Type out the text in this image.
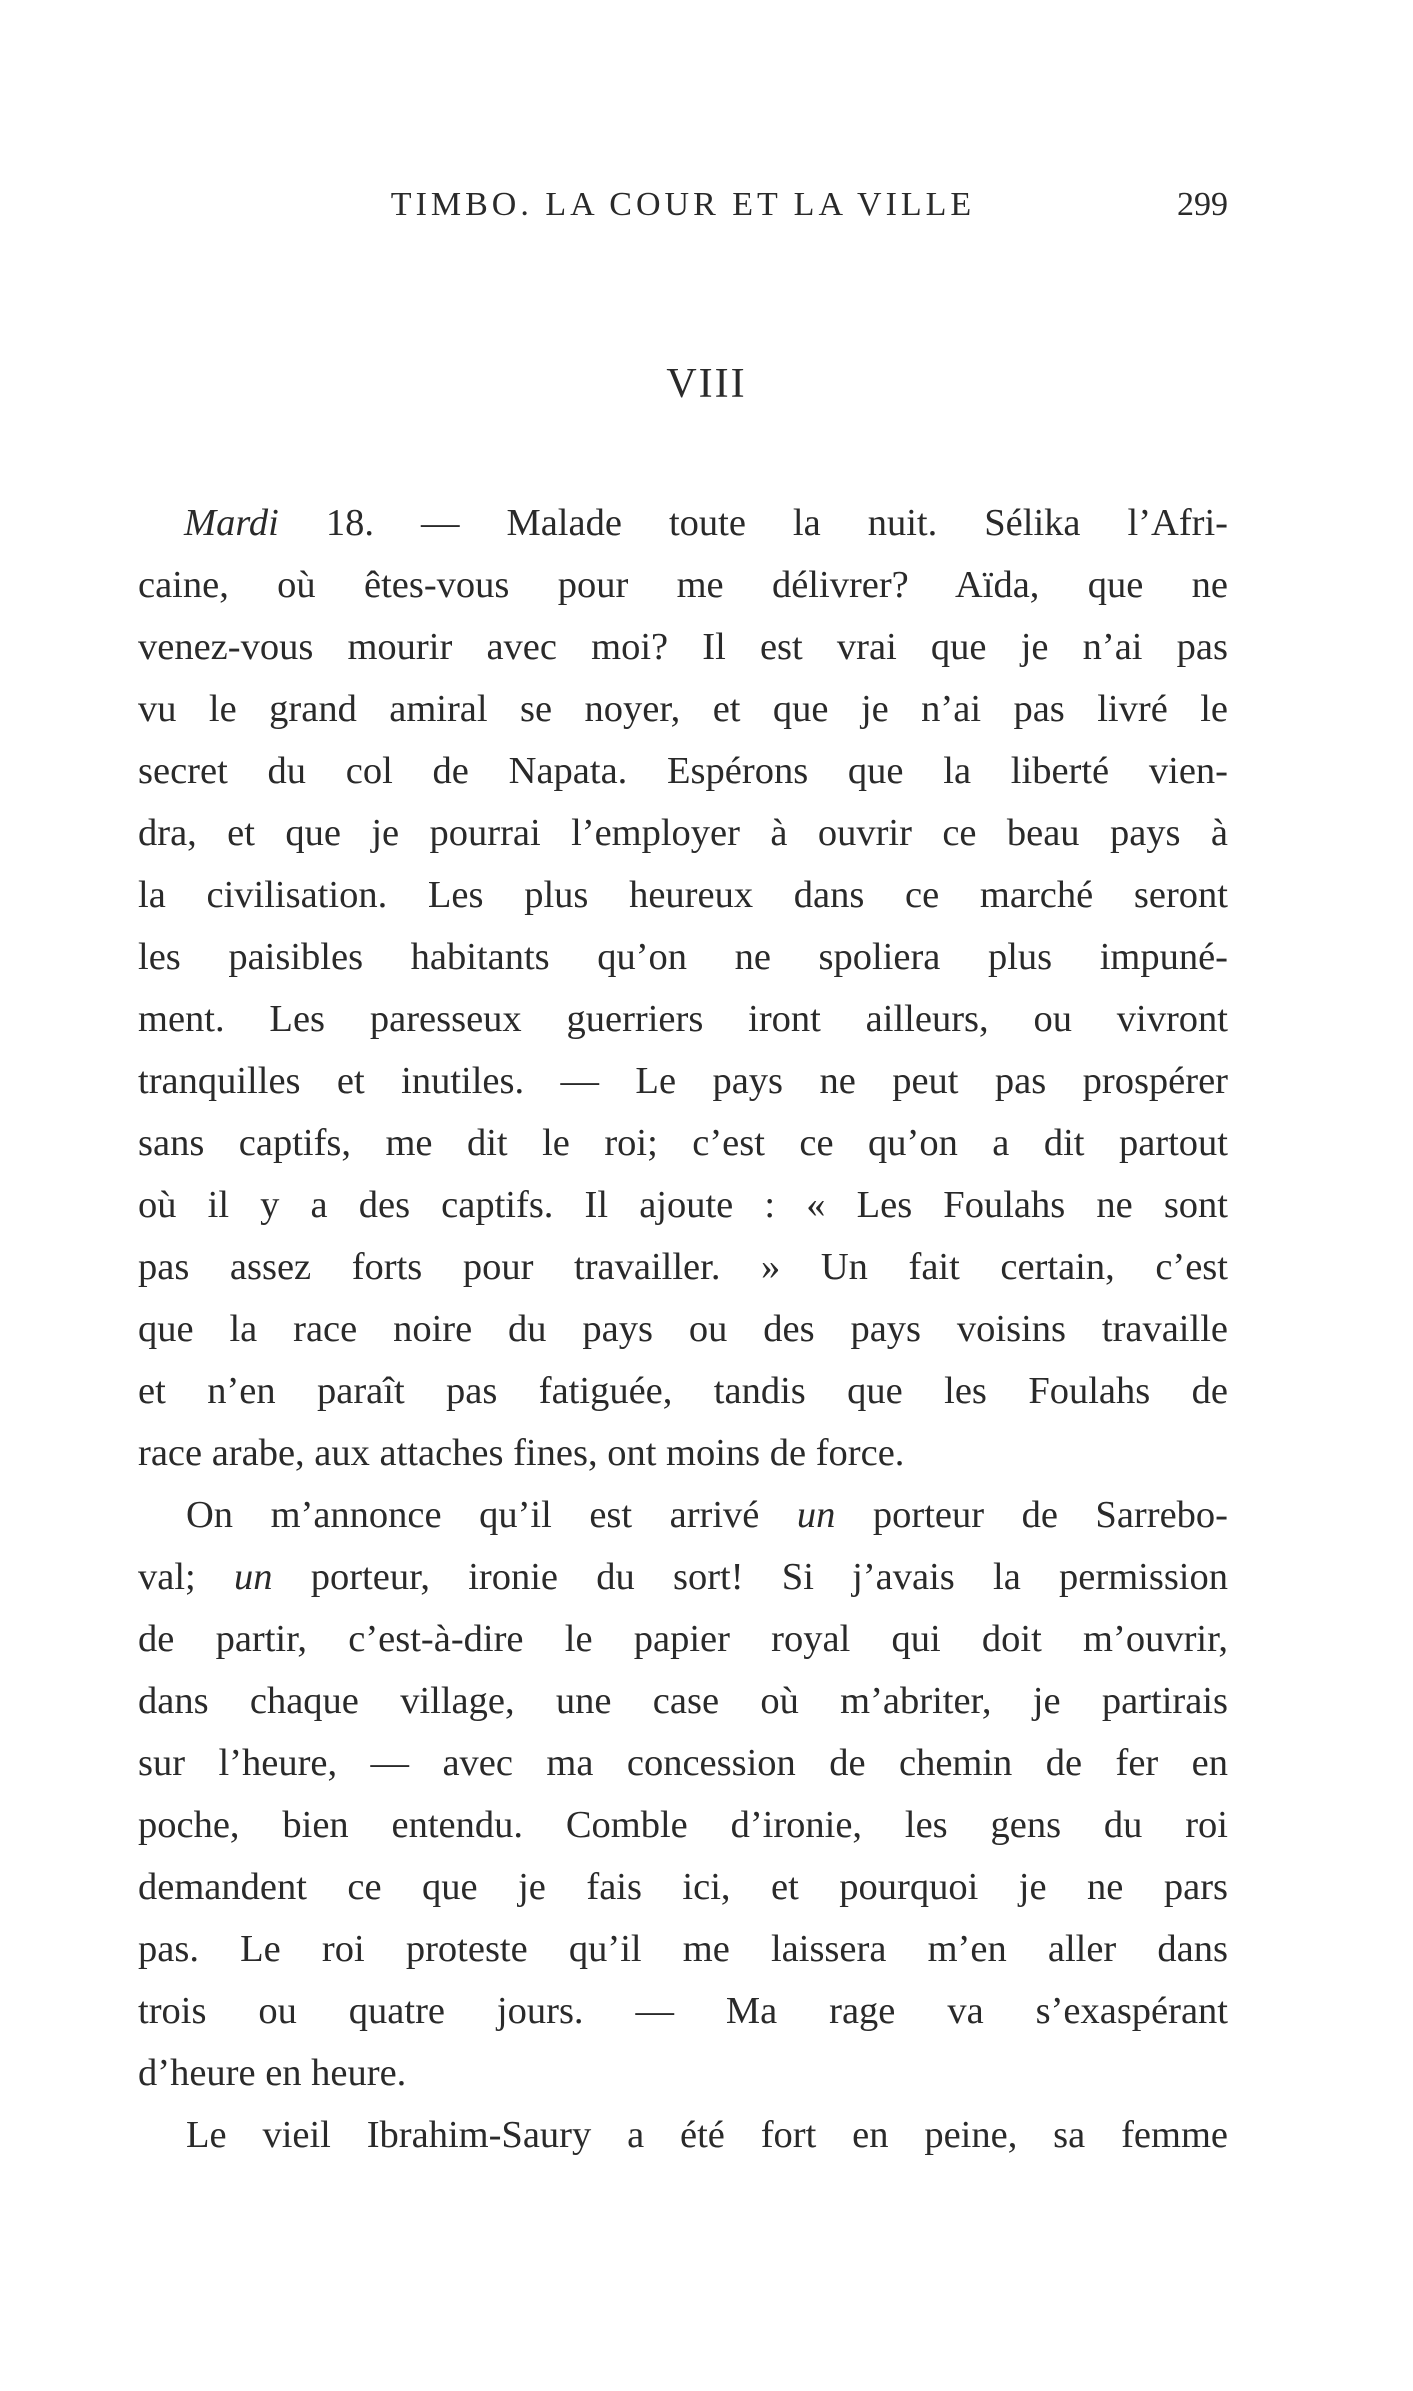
TIMBO. LA COUR ET LA VILLE	299
VIII
Mardi 18. — Malade toute la nuit. Sélika l’Afri-
caine, où êtes-vous pour me délivrer? Aïda, que ne
venez-vous mourir avec moi? Il est vrai que je n’ai pas
vu le grand amiral se noyer, et que je n’ai pas livré le
secret du col de Napata. Espérons que la liberté vien-
dra, et que je pourrai l’employer à ouvrir ce beau pays à
la civilisation. Les plus heureux dans ce marché seront
les paisibles habitants qu’on ne spoliera plus impuné-
ment. Les paresseux guerriers iront ailleurs, ou vivront
tranquilles et inutiles. — Le pays ne peut pas prospérer
sans captifs, me dit le roi; c’est ce qu’on a dit partout
où il y a des captifs. Il ajoute : « Les Foulahs ne sont
pas assez forts pour travailler. » Un fait certain, c’est
que la race noire du pays ou des pays voisins travaille
et n’en paraît pas fatiguée, tandis que les Foulahs de
race arabe, aux attaches fines, ont moins de force.
On m’annonce qu’il est arrivé un porteur de Sarrebo-
val; un porteur, ironie du sort! Si j’avais la permission
de partir, c’est-à-dire le papier royal qui doit m’ouvrir,
dans chaque village, une case où m’abriter, je partirais
sur l’heure, — avec ma concession de chemin de fer en
poche, bien entendu. Comble d’ironie, les gens du roi
demandent ce que je fais ici, et pourquoi je ne pars
pas. Le roi proteste qu’il me laissera m’en aller dans
trois ou quatre jours. — Ma rage va s’exaspérant
d’heure en heure.
Le vieil Ibrahim-Saury a été fort en peine, sa femme
